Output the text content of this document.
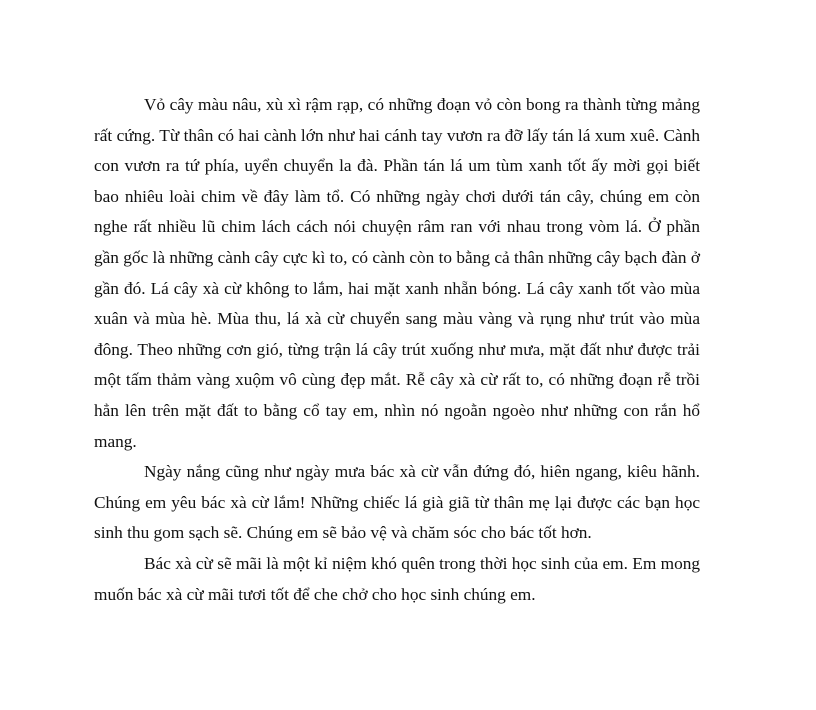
Vỏ cây màu nâu, xù xì rậm rạp, có những đoạn vỏ còn bong ra thành từng mảng rất cứng. Từ thân có hai cành lớn như hai cánh tay vươn ra đỡ lấy tán lá xum xuê. Cành con vươn ra tứ phía, uyển chuyển la đà. Phần tán lá um tùm xanh tốt ấy mời gọi biết bao nhiêu loài chim về đây làm tổ. Có những ngày chơi dưới tán cây, chúng em còn nghe rất nhiều lũ chim lách cách nói chuyện râm ran với nhau trong vòm lá. Ở phần gần gốc là những cành cây cực kì to, có cành còn to bằng cả thân những cây bạch đàn ở gần đó. Lá cây xà cừ không to lắm, hai mặt xanh nhẵn bóng. Lá cây xanh tốt vào mùa xuân và mùa hè. Mùa thu, lá xà cừ chuyển sang màu vàng và rụng như trút vào mùa đông. Theo những cơn gió, từng trận lá cây trút xuống như mưa, mặt đất như được trải một tấm thảm vàng xuộm vô cùng đẹp mắt. Rễ cây xà cừ rất to, có những đoạn rễ trồi hẳn lên trên mặt đất to bằng cổ tay em, nhìn nó ngoằn ngoèo như những con rắn hổ mang.

Ngày nắng cũng như ngày mưa bác xà cừ vẫn đứng đó, hiên ngang, kiêu hãnh. Chúng em yêu bác xà cừ lắm! Những chiếc lá già giã từ thân mẹ lại được các bạn học sinh thu gom sạch sẽ. Chúng em sẽ bảo vệ và chăm sóc cho bác tốt hơn.

Bác xà cừ sẽ mãi là một kỉ niệm khó quên trong thời học sinh của em. Em mong muốn bác xà cừ mãi tươi tốt để che chở cho học sinh chúng em.
